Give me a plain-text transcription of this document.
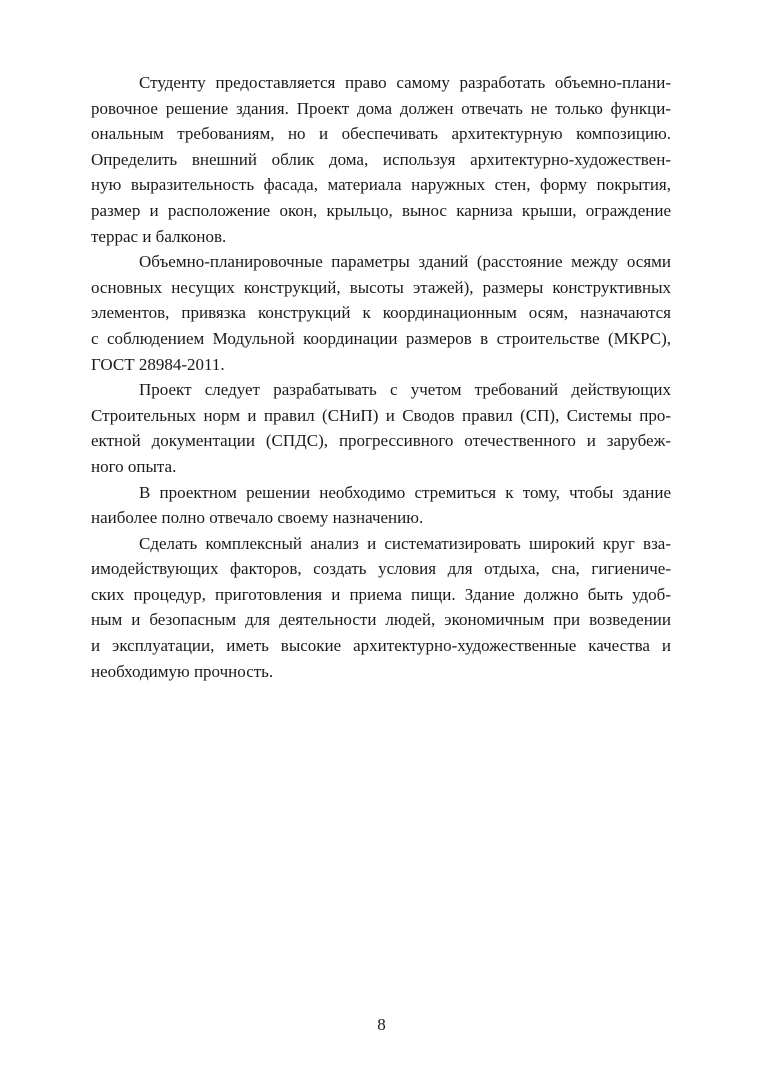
Студенту предоставляется право самому разработать объемно-плани-
ровочное решение здания. Проект дома должен отвечать не только функци-
ональным требованиям, но и обеспечивать архитектурную композицию.
Определить внешний облик дома, используя архитектурно-художествен-
ную выразительность фасада, материала наружных стен, форму покрытия,
размер и расположение окон, крыльцо, вынос карниза крыши, ограждение
террас и балконов.
Объемно-планировочные параметры зданий (расстояние между осями
основных несущих конструкций, высоты этажей), размеры конструктивных
элементов, привязка конструкций к координационным осям, назначаются
с соблюдением Модульной координации размеров в строительстве (МКРС),
ГОСТ 28984-2011.
Проект следует разрабатывать с учетом требований действующих
Строительных норм и правил (СНиП) и Сводов правил (СП), Системы про-
ектной документации (СПДС), прогрессивного отечественного и зарубеж-
ного опыта.
В проектном решении необходимо стремиться к тому, чтобы здание
наиболее полно отвечало своему назначению.
Сделать комплексный анализ и систематизировать широкий круг вза-
имодействующих факторов, создать условия для отдыха, сна, гигиениче-
ских процедур, приготовления и приема пищи. Здание должно быть удоб-
ным и безопасным для деятельности людей, экономичным при возведении
и эксплуатации, иметь высокие архитектурно-художественные качества и
необходимую прочность.
8
